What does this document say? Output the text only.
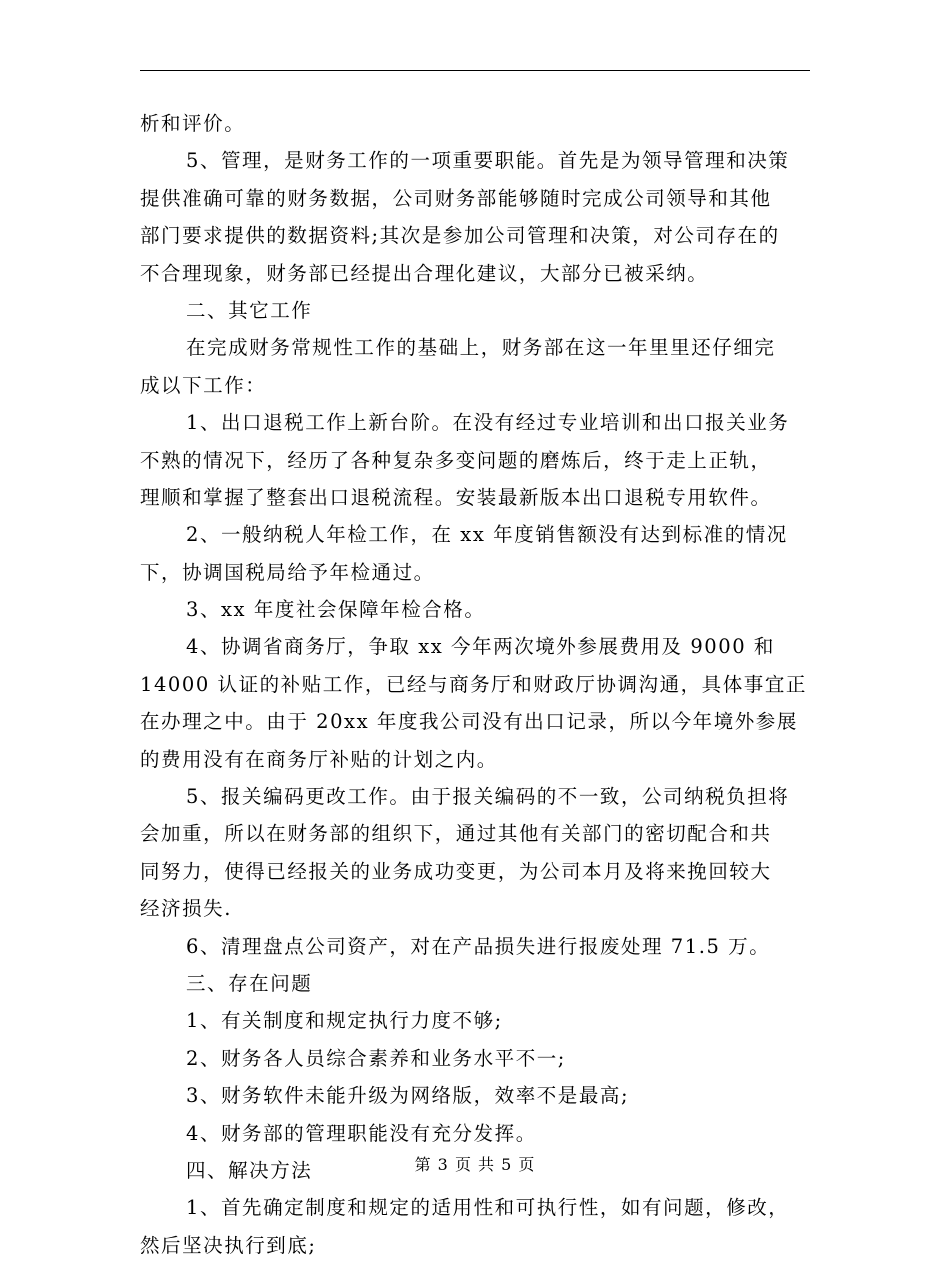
析和评价。
5、管理，是财务工作的一项重要职能。首先是为领导管理和决策
提供准确可靠的财务数据，公司财务部能够随时完成公司领导和其他
部门要求提供的数据资料;其次是参加公司管理和决策，对公司存在的
不合理现象，财务部已经提出合理化建议，大部分已被采纳。
二、其它工作
在完成财务常规性工作的基础上，财务部在这一年里里还仔细完
成以下工作：
1、出口退税工作上新台阶。在没有经过专业培训和出口报关业务
不熟的情况下，经历了各种复杂多变问题的磨炼后，终于走上正轨，
理顺和掌握了整套出口退税流程。安装最新版本出口退税专用软件。
2、一般纳税人年检工作，在 xx 年度销售额没有达到标准的情况
下，协调国税局给予年检通过。
3、xx 年度社会保障年检合格。
4、协调省商务厅，争取 xx 今年两次境外参展费用及 9000 和
14000 认证的补贴工作，已经与商务厅和财政厅协调沟通，具体事宜正
在办理之中。由于 20xx 年度我公司没有出口记录，所以今年境外参展
的费用没有在商务厅补贴的计划之内。
5、报关编码更改工作。由于报关编码的不一致，公司纳税负担将
会加重，所以在财务部的组织下，通过其他有关部门的密切配合和共
同努力，使得已经报关的业务成功变更，为公司本月及将来挽回较大
经济损失.
6、清理盘点公司资产，对在产品损失进行报废处理 71.5 万。
三、存在问题
1、有关制度和规定执行力度不够;
2、财务各人员综合素养和业务水平不一;
3、财务软件未能升级为网络版，效率不是最高;
4、财务部的管理职能没有充分发挥。
四、解决方法
1、首先确定制度和规定的适用性和可执行性，如有问题，修改，
然后坚决执行到底;
第 3 页 共 5 页
